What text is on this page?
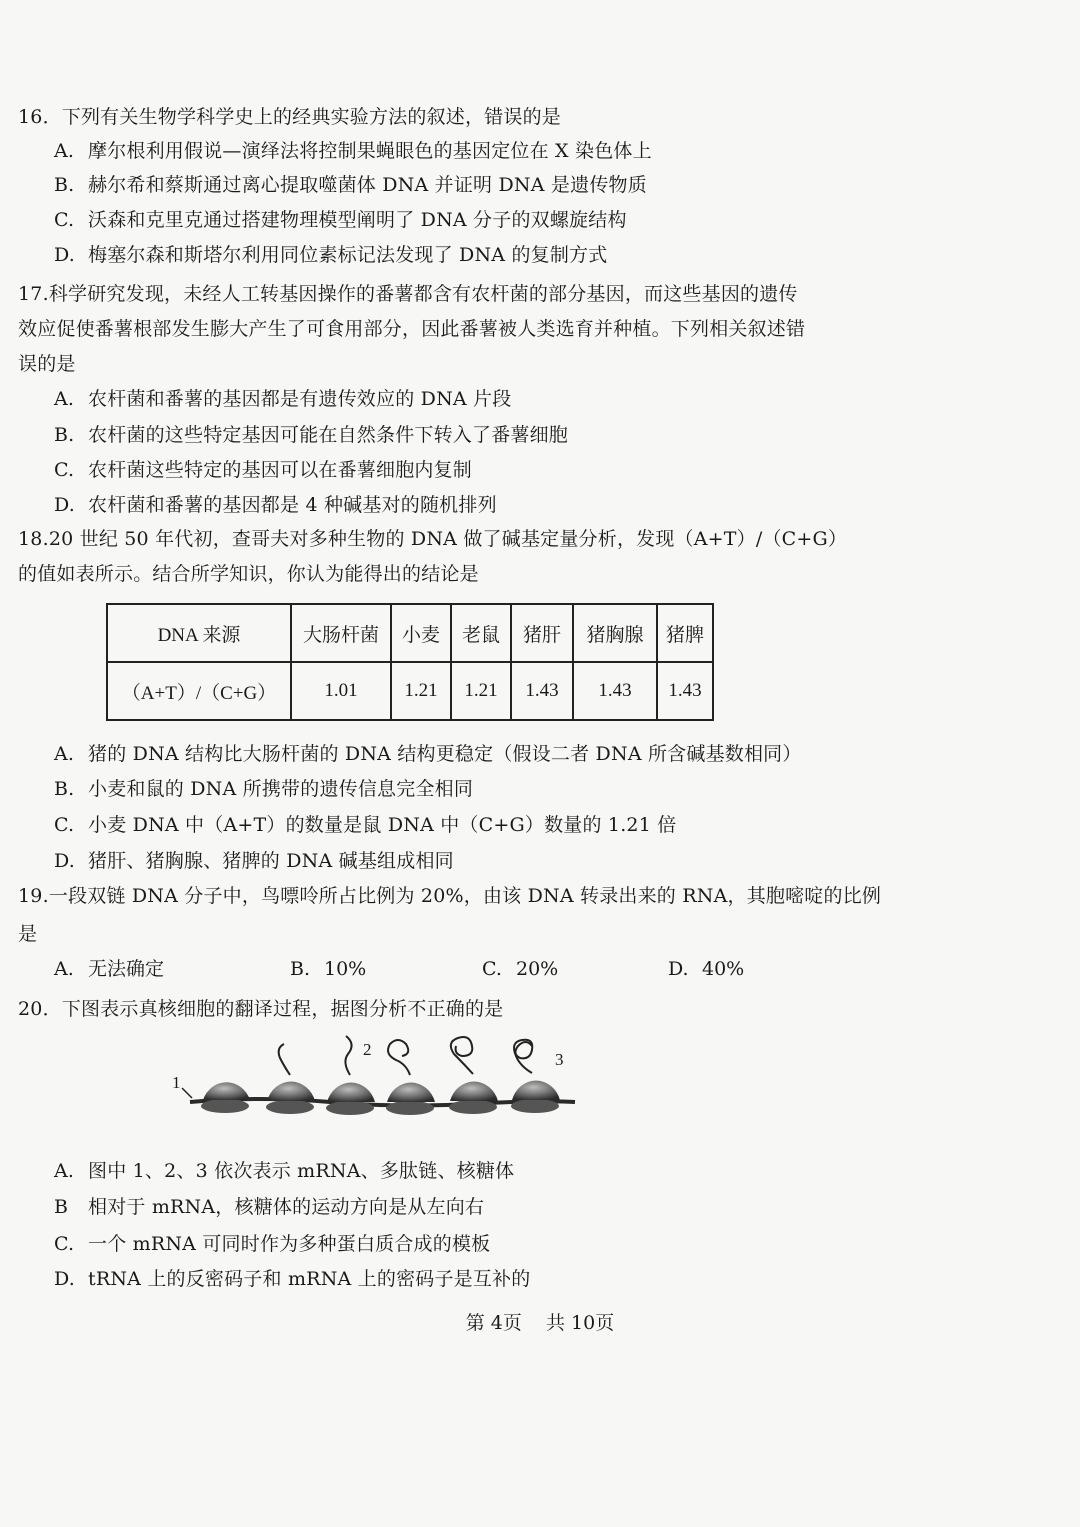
16．下列有关生物学科学史上的经典实验方法的叙述，错误的是
A. 摩尔根利用假说—演绎法将控制果蝇眼色的基因定位在 X 染色体上
B. 赫尔希和蔡斯通过离心提取噬菌体 DNA 并证明 DNA 是遗传物质
C. 沃森和克里克通过搭建物理模型阐明了 DNA 分子的双螺旋结构
D. 梅塞尔森和斯塔尔利用同位素标记法发现了 DNA 的复制方式
17.科学研究发现，未经人工转基因操作的番薯都含有农杆菌的部分基因，而这些基因的遗传
效应促使番薯根部发生膨大产生了可食用部分，因此番薯被人类选育并种植。下列相关叙述错
误的是
A. 农杆菌和番薯的基因都是有遗传效应的 DNA 片段
B. 农杆菌的这些特定基因可能在自然条件下转入了番薯细胞
C. 农杆菌这些特定的基因可以在番薯细胞内复制
D. 农杆菌和番薯的基因都是 4 种碱基对的随机排列
18.20 世纪 50 年代初，查哥夫对多种生物的 DNA 做了碱基定量分析，发现（A+T）/（C+G）
的值如表所示。结合所学知识，你认为能得出的结论是
DNA 来源	大肠杆菌	小麦	老鼠	猪肝	猪胸腺	猪脾
（A+T）/（C+G）	1.01	1.21	1.21	1.43	1.43	1.43
A. 猪的 DNA 结构比大肠杆菌的 DNA 结构更稳定（假设二者 DNA 所含碱基数相同）
B. 小麦和鼠的 DNA 所携带的遗传信息完全相同
C. 小麦 DNA 中（A+T）的数量是鼠 DNA 中（C+G）数量的 1.21 倍
D. 猪肝、猪胸腺、猪脾的 DNA 碱基组成相同
19.一段双链 DNA 分子中，鸟嘌呤所占比例为 20%，由该 DNA 转录出来的 RNA，其胞嘧啶的比例
是
A. 无法确定	B. 10%	C. 20%	D. 40%
20．下图表示真核细胞的翻译过程，据图分析不正确的是
1
2
3
A. 图中 1、2、3 依次表示 mRNA、多肽链、核糖体
B 相对于 mRNA，核糖体的运动方向是从左向右
C. 一个 mRNA 可同时作为多种蛋白质合成的模板
D. tRNA 上的反密码子和 mRNA 上的密码子是互补的
第 4页    共 10页
